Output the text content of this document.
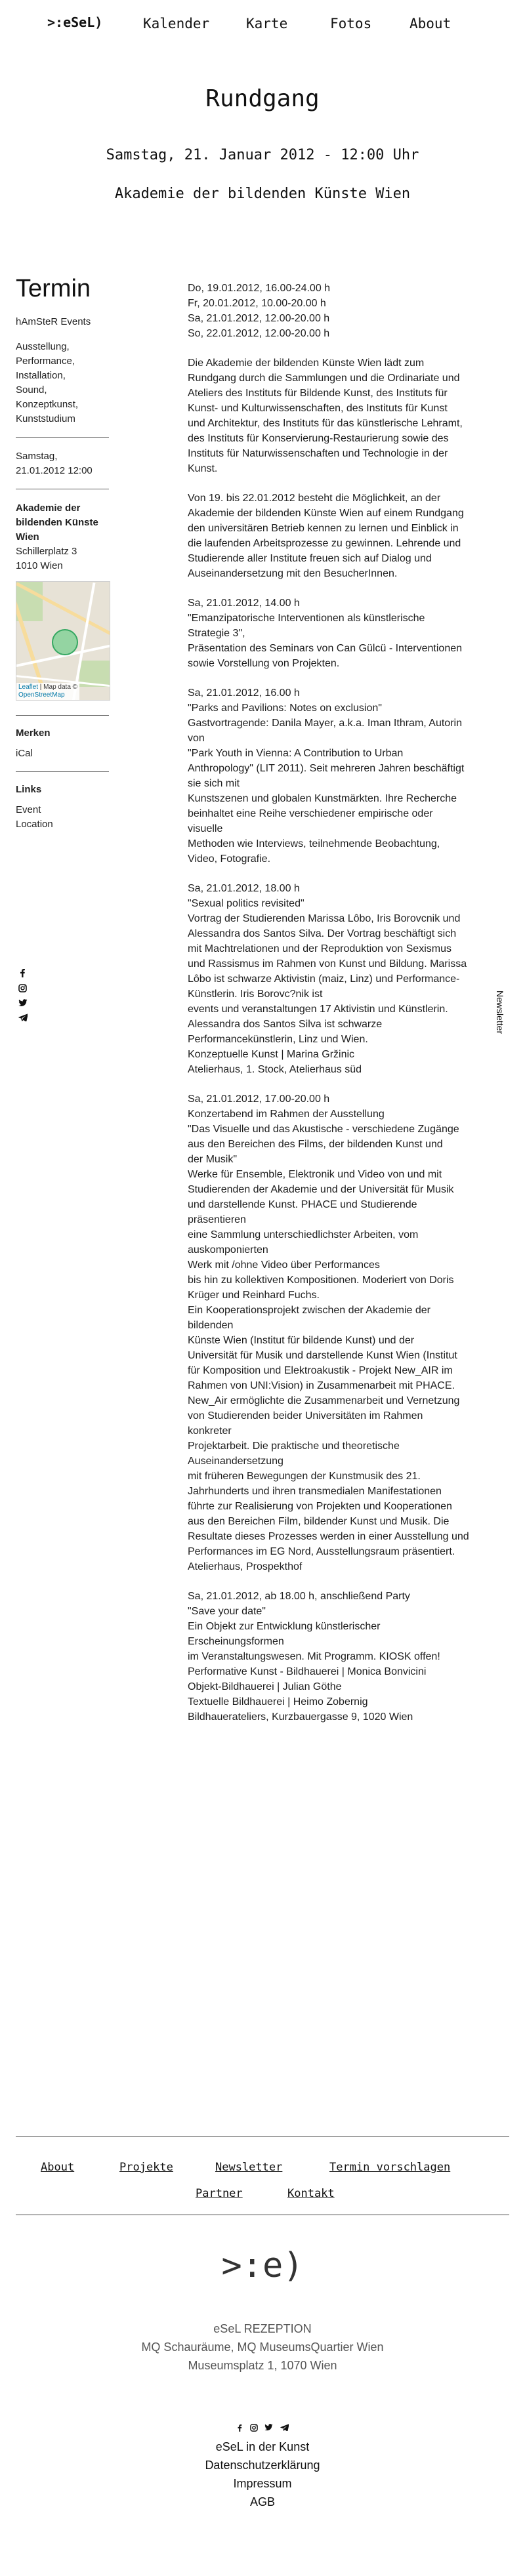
>:eSeL)	Kalender	Karte	Fotos	About
Rundgang
Samstag, 21. Januar 2012 - 12:00 Uhr
Akademie der bildenden Künste Wien
Termin
hAmSteR Events
Ausstellung,
Performance,
Installation,
Sound,
Konzeptkunst,
Kunststudium
Samstag,
21.01.2012 12:00
Akademie der
bildenden Künste
Wien
Schillerplatz 3
1010 Wien
Leaflet | Map data ©
OpenStreetMap
Merken
iCal
Links
Event
Location
Newsletter

Do, 19.01.2012, 16.00-24.00 h
Fr, 20.01.2012, 10.00-20.00 h
Sa, 21.01.2012, 12.00-20.00 h
So, 22.01.2012, 12.00-20.00 h

Die Akademie der bildenden Künste Wien lädt zum
Rundgang durch die Sammlungen und die Ordinariate und
Ateliers des Instituts für Bildende Kunst, des Instituts für
Kunst- und Kulturwissenschaften, des Instituts für Kunst
und Architektur, des Instituts für das künstlerische Lehramt,
des Instituts für Konservierung-Restaurierung sowie des
Instituts für Naturwissenschaften und Technologie in der
Kunst.

Von 19. bis 22.01.2012 besteht die Möglichkeit, an der
Akademie der bildenden Künste Wien auf einem Rundgang
den universitären Betrieb kennen zu lernen und Einblick in
die laufenden Arbeitsprozesse zu gewinnen. Lehrende und
Studierende aller Institute freuen sich auf Dialog und
Auseinandersetzung mit den BesucherInnen.

Sa, 21.01.2012, 14.00 h
"Emanzipatorische Interventionen als künstlerische
Strategie 3",
Präsentation des Seminars von Can Gülcü - Interventionen
sowie Vorstellung von Projekten.

Sa, 21.01.2012, 16.00 h
"Parks and Pavilions: Notes on exclusion"
Gastvortragende: Danila Mayer, a.k.a. Iman Ithram, Autorin
von
"Park Youth in Vienna: A Contribution to Urban
Anthropology" (LIT 2011). Seit mehreren Jahren beschäftigt
sie sich mit
Kunstszenen und globalen Kunstmärkten. Ihre Recherche
beinhaltet eine Reihe verschiedener empirische oder
visuelle
Methoden wie Interviews, teilnehmende Beobachtung,
Video, Fotografie.

Sa, 21.01.2012, 18.00 h
"Sexual politics revisited"
Vortrag der Studierenden Marissa Lôbo, Iris Borovcnik und
Alessandra dos Santos Silva. Der Vortrag beschäftigt sich
mit Machtrelationen und der Reproduktion von Sexismus
und Rassismus im Rahmen von Kunst und Bildung. Marissa
Lôbo ist schwarze Aktivistin (maiz, Linz) und Performance-
Künstlerin. Iris Borovc?nik ist
events und veranstaltungen 17 Aktivistin und Künstlerin.
Alessandra dos Santos Silva ist schwarze
Performancekünstlerin, Linz und Wien.
Konzeptuelle Kunst | Marina Gržinic
Atelierhaus, 1. Stock, Atelierhaus süd

Sa, 21.01.2012, 17.00-20.00 h
Konzertabend im Rahmen der Ausstellung
"Das Visuelle und das Akustische - verschiedene Zugänge
aus den Bereichen des Films, der bildenden Kunst und
der Musik"
Werke für Ensemble, Elektronik und Video von und mit
Studierenden der Akademie und der Universität für Musik
und darstellende Kunst. PHACE und Studierende
präsentieren
eine Sammlung unterschiedlichster Arbeiten, vom
auskomponierten
Werk mit /ohne Video über Performances
bis hin zu kollektiven Kompositionen. Moderiert von Doris
Krüger und Reinhard Fuchs.
Ein Kooperationsprojekt zwischen der Akademie der
bildenden
Künste Wien (Institut für bildende Kunst) und der
Universität für Musik und darstellende Kunst Wien (Institut
für Komposition und Elektroakustik - Projekt New_AIR im
Rahmen von UNI:Vision) in Zusammenarbeit mit PHACE.
New_Air ermöglichte die Zusammenarbeit und Vernetzung
von Studierenden beider Universitäten im Rahmen
konkreter
Projektarbeit. Die praktische und theoretische
Auseinandersetzung
mit früheren Bewegungen der Kunstmusik des 21.
Jahrhunderts und ihren transmedialen Manifestationen
führte zur Realisierung von Projekten und Kooperationen
aus den Bereichen Film, bildender Kunst und Musik. Die
Resultate dieses Prozesses werden in einer Ausstellung und
Performances im EG Nord, Ausstellungsraum präsentiert.
Atelierhaus, Prospekthof

Sa, 21.01.2012, ab 18.00 h, anschließend Party
"Save your date"
Ein Objekt zur Entwicklung künstlerischer
Erscheinungsformen
im Veranstaltungswesen. Mit Programm. KIOSK offen!
Performative Kunst - Bildhauerei | Monica Bonvicini
Objekt-Bildhauerei | Julian Göthe
Textuelle Bildhauerei | Heimo Zobernig
Bildhauerateliers, Kurzbauergasse 9, 1020 Wien

About	Projekte	Newsletter	Termin vorschlagen
Partner	Kontakt
>:e)
eSeL REZEPTION
MQ Schauräume, MQ MuseumsQuartier Wien
Museumsplatz 1, 1070 Wien

eSeL in der Kunst
Datenschutzerklärung
Impressum
AGB
